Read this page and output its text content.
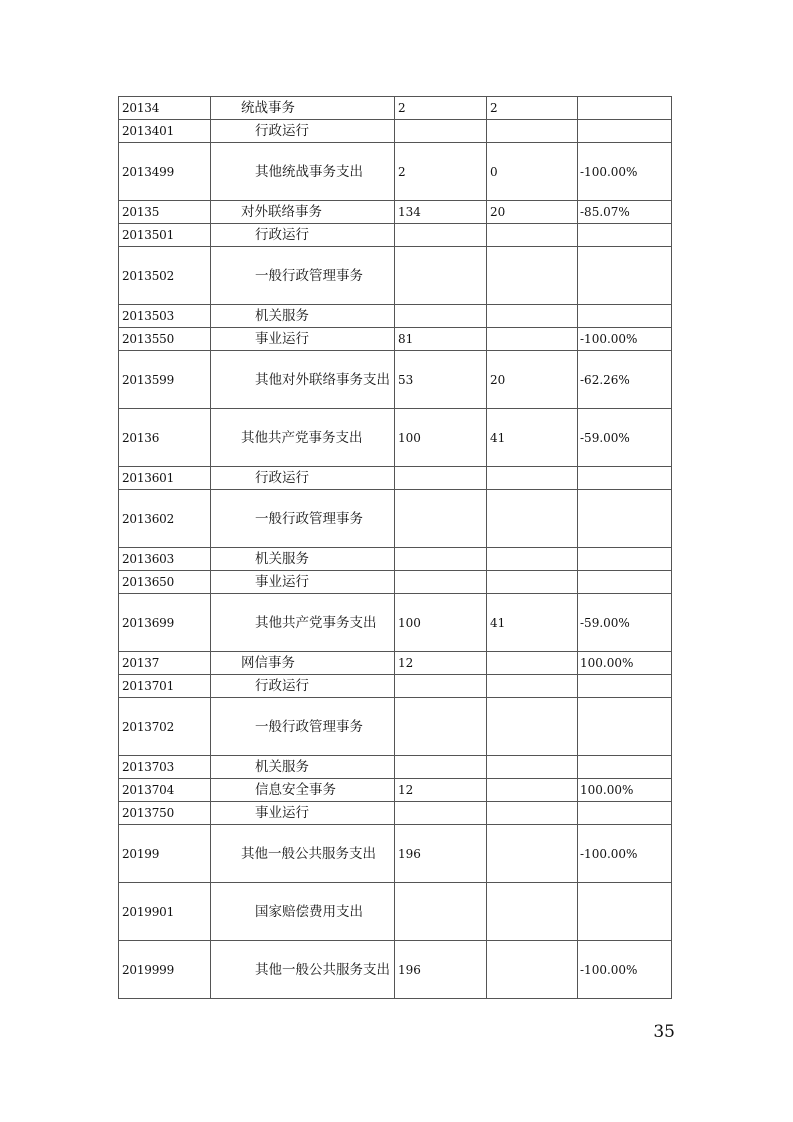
20134	统战事务	2	2	
2013401	行政运行			
2013499	其他统战事务支出	2	0	-100.00%
20135	对外联络事务	134	20	-85.07%
2013501	行政运行			
2013502	一般行政管理事务			
2013503	机关服务			
2013550	事业运行	81		-100.00%
2013599	其他对外联络事务支出	53	20	-62.26%
20136	其他共产党事务支出	100	41	-59.00%
2013601	行政运行			
2013602	一般行政管理事务			
2013603	机关服务			
2013650	事业运行			
2013699	其他共产党事务支出	100	41	-59.00%
20137	网信事务	12		100.00%
2013701	行政运行			
2013702	一般行政管理事务			
2013703	机关服务			
2013704	信息安全事务	12		100.00%
2013750	事业运行			
20199	其他一般公共服务支出	196		-100.00%
2019901	国家赔偿费用支出			
2019999	其他一般公共服务支出	196		-100.00%
35
